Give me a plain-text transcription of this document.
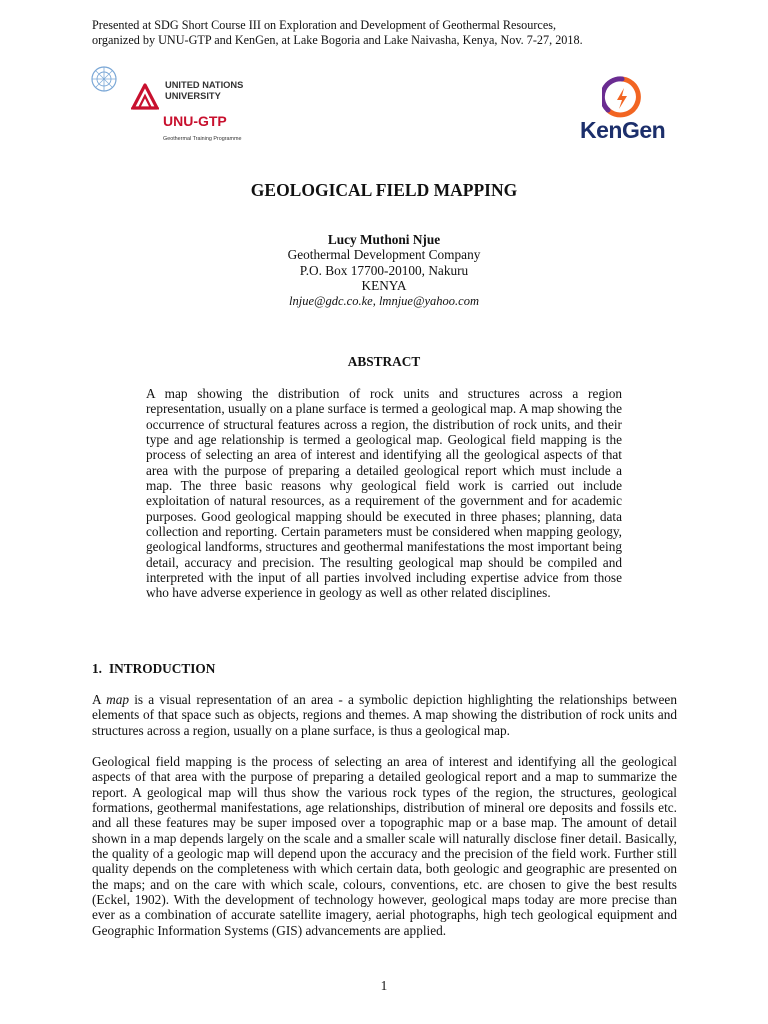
Presented at SDG Short Course III on Exploration and Development of Geothermal Resources,
organized by UNU-GTP and KenGen, at Lake Bogoria and Lake Naivasha, Kenya, Nov. 7-27, 2018.
UNITED NATIONS
UNIVERSITY
UNU-GTP
Geothermal Training Programme	KenGen
GEOLOGICAL FIELD MAPPING
Lucy Muthoni Njue
Geothermal Development Company
P.O. Box 17700-20100, Nakuru
KENYA
lnjue@gdc.co.ke, lmnjue@yahoo.com
ABSTRACT

A map showing the distribution of rock units and structures across a region representation, usually on a plane surface is termed a geological map. A map showing the occurrence of structural features across a region, the distribution of rock units, and their type and age relationship is termed a geological map. Geological field mapping is the process of selecting an area of interest and identifying all the geological aspects of that area with the purpose of preparing a detailed geological report which must include a map. The three basic reasons why geological field work is carried out include exploitation of natural resources, as a requirement of the government and for academic purposes. Good geological mapping should be executed in three phases; planning, data collection and reporting. Certain parameters must be considered when mapping geology, geological landforms, structures and geothermal manifestations the most important being detail, accuracy and precision. The resulting geological map should be compiled and interpreted with the input of all parties involved including expertise advice from those who have adverse experience in geology as well as other related disciplines.

1. INTRODUCTION

A map is a visual representation of an area - a symbolic depiction highlighting the relationships between elements of that space such as objects, regions and themes. A map showing the distribution of rock units and structures across a region, usually on a plane surface, is thus a geological map.

Geological field mapping is the process of selecting an area of interest and identifying all the geological aspects of that area with the purpose of preparing a detailed geological report and a map to summarize the report. A geological map will thus show the various rock types of the region, the structures, geological formations, geothermal manifestations, age relationships, distribution of mineral ore deposits and fossils etc. and all these features may be super imposed over a topographic map or a base map. The amount of detail shown in a map depends largely on the scale and a smaller scale will naturally disclose finer detail. Basically, the quality of a geologic map will depend upon the accuracy and the precision of the field work. Further still quality depends on the completeness with which certain data, both geologic and geographic are presented on the maps; and on the care with which scale, colours, conventions, etc. are chosen to give the best results (Eckel, 1902). With the development of technology however, geological maps today are more precise than ever as a combination of accurate satellite imagery, aerial photographs, high tech geological equipment and Geographic Information Systems (GIS) advancements are applied.

1
